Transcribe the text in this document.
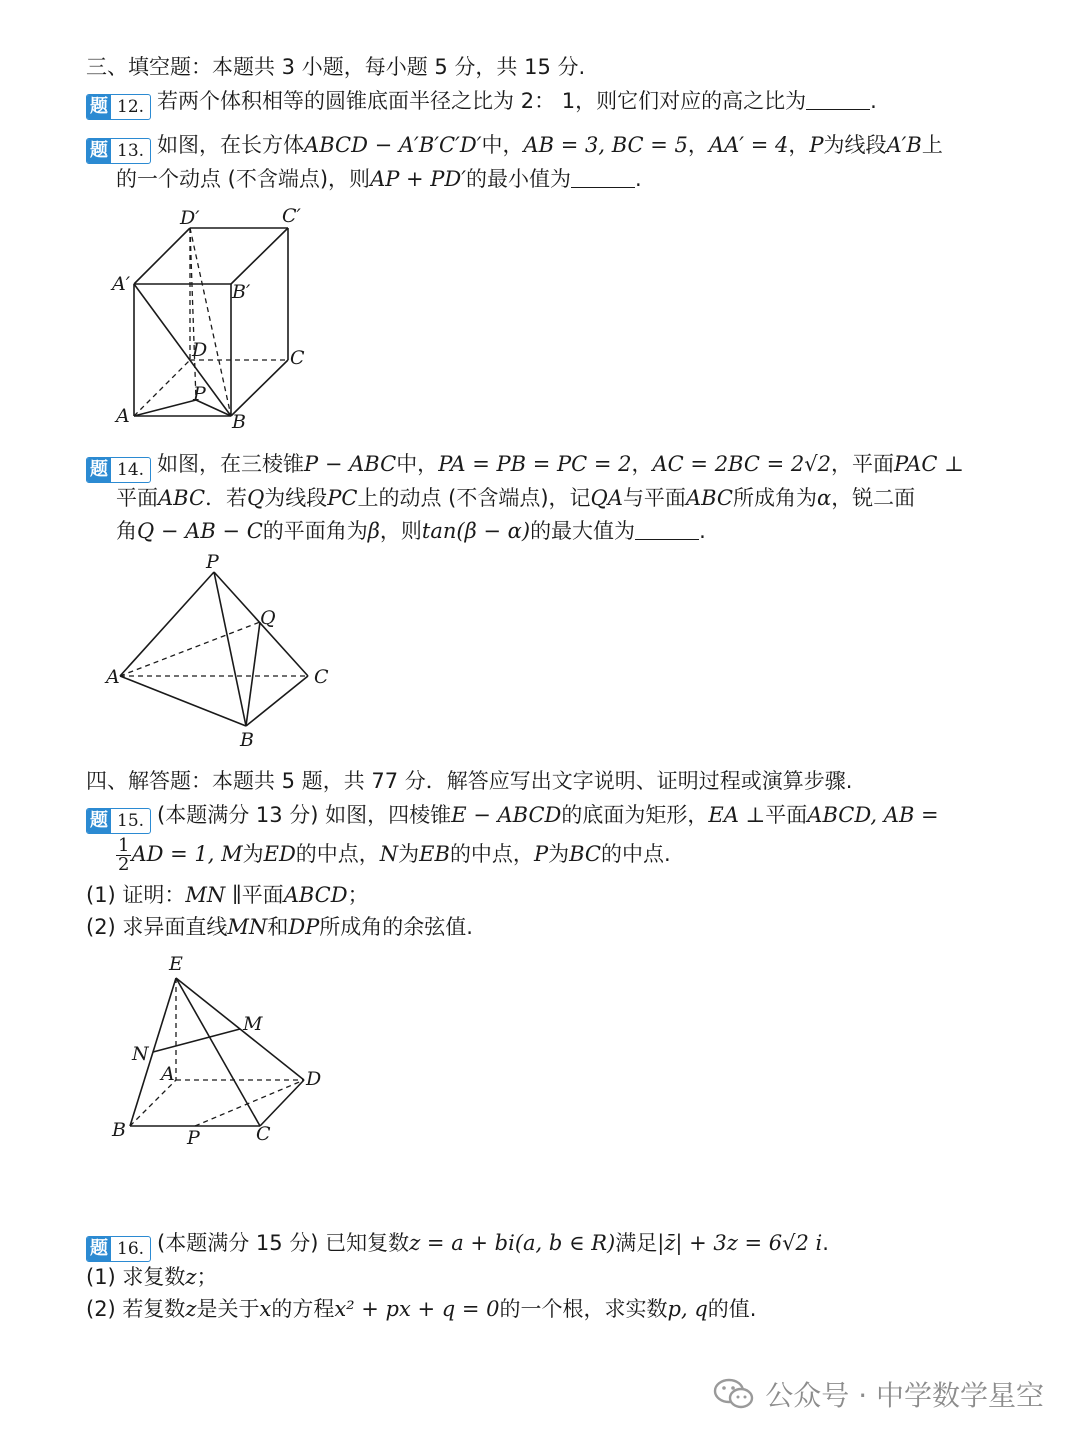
三、填空题：本题共 3 小题，每小题 5 分，共 15 分.
题 12. 若两个体积相等的圆锥底面半径之比为 2： 1，则它们对应的高之比为	.
题 13. 如图，在长方体ABCD − A′B′C′D′中，AB = 3, BC = 5，AA′ = 4，P为线段A′B上
的一个动点 (不含端点)，则AP + PD′的最小值为	.
D′	C′
A′	B′
D	C
P
A	B
题 14. 如图，在三棱锥P − ABC中，PA = PB = PC = 2，AC = 2BC = 2√2，平面PAC ⊥
平面ABC．若Q为线段PC上的动点 (不含端点)，记QA与平面ABC所成角为α，锐二面
角Q − AB − C的平面角为β，则tan(β − α)的最大值为	.
P
Q
A	C
B
四、解答题：本题共 5 题，共 77 分．解答应写出文字说明、证明过程或演算步骤.
题 15. (本题满分 13 分) 如图，四棱锥E − ABCD的底面为矩形，EA ⊥平面ABCD, AB =
$\frac{1}{2}$ AD = 1, M为ED的中点，N为EB的中点，P为BC的中点.
(1) 证明：MN ∥平面ABCD；
(2) 求异面直线MN和DP所成角的余弦值.
E
M
N
A	D
B	P	C
题 16. (本题满分 15 分) 已知复数z = a + bi(a, b ∈ R)满足|z̄| + 3z = 6√2 i.
(1) 求复数z；
(2) 若复数z是关于x的方程x² + px + q = 0的一个根，求实数p, q的值.
公众号 · 中学数学星空
